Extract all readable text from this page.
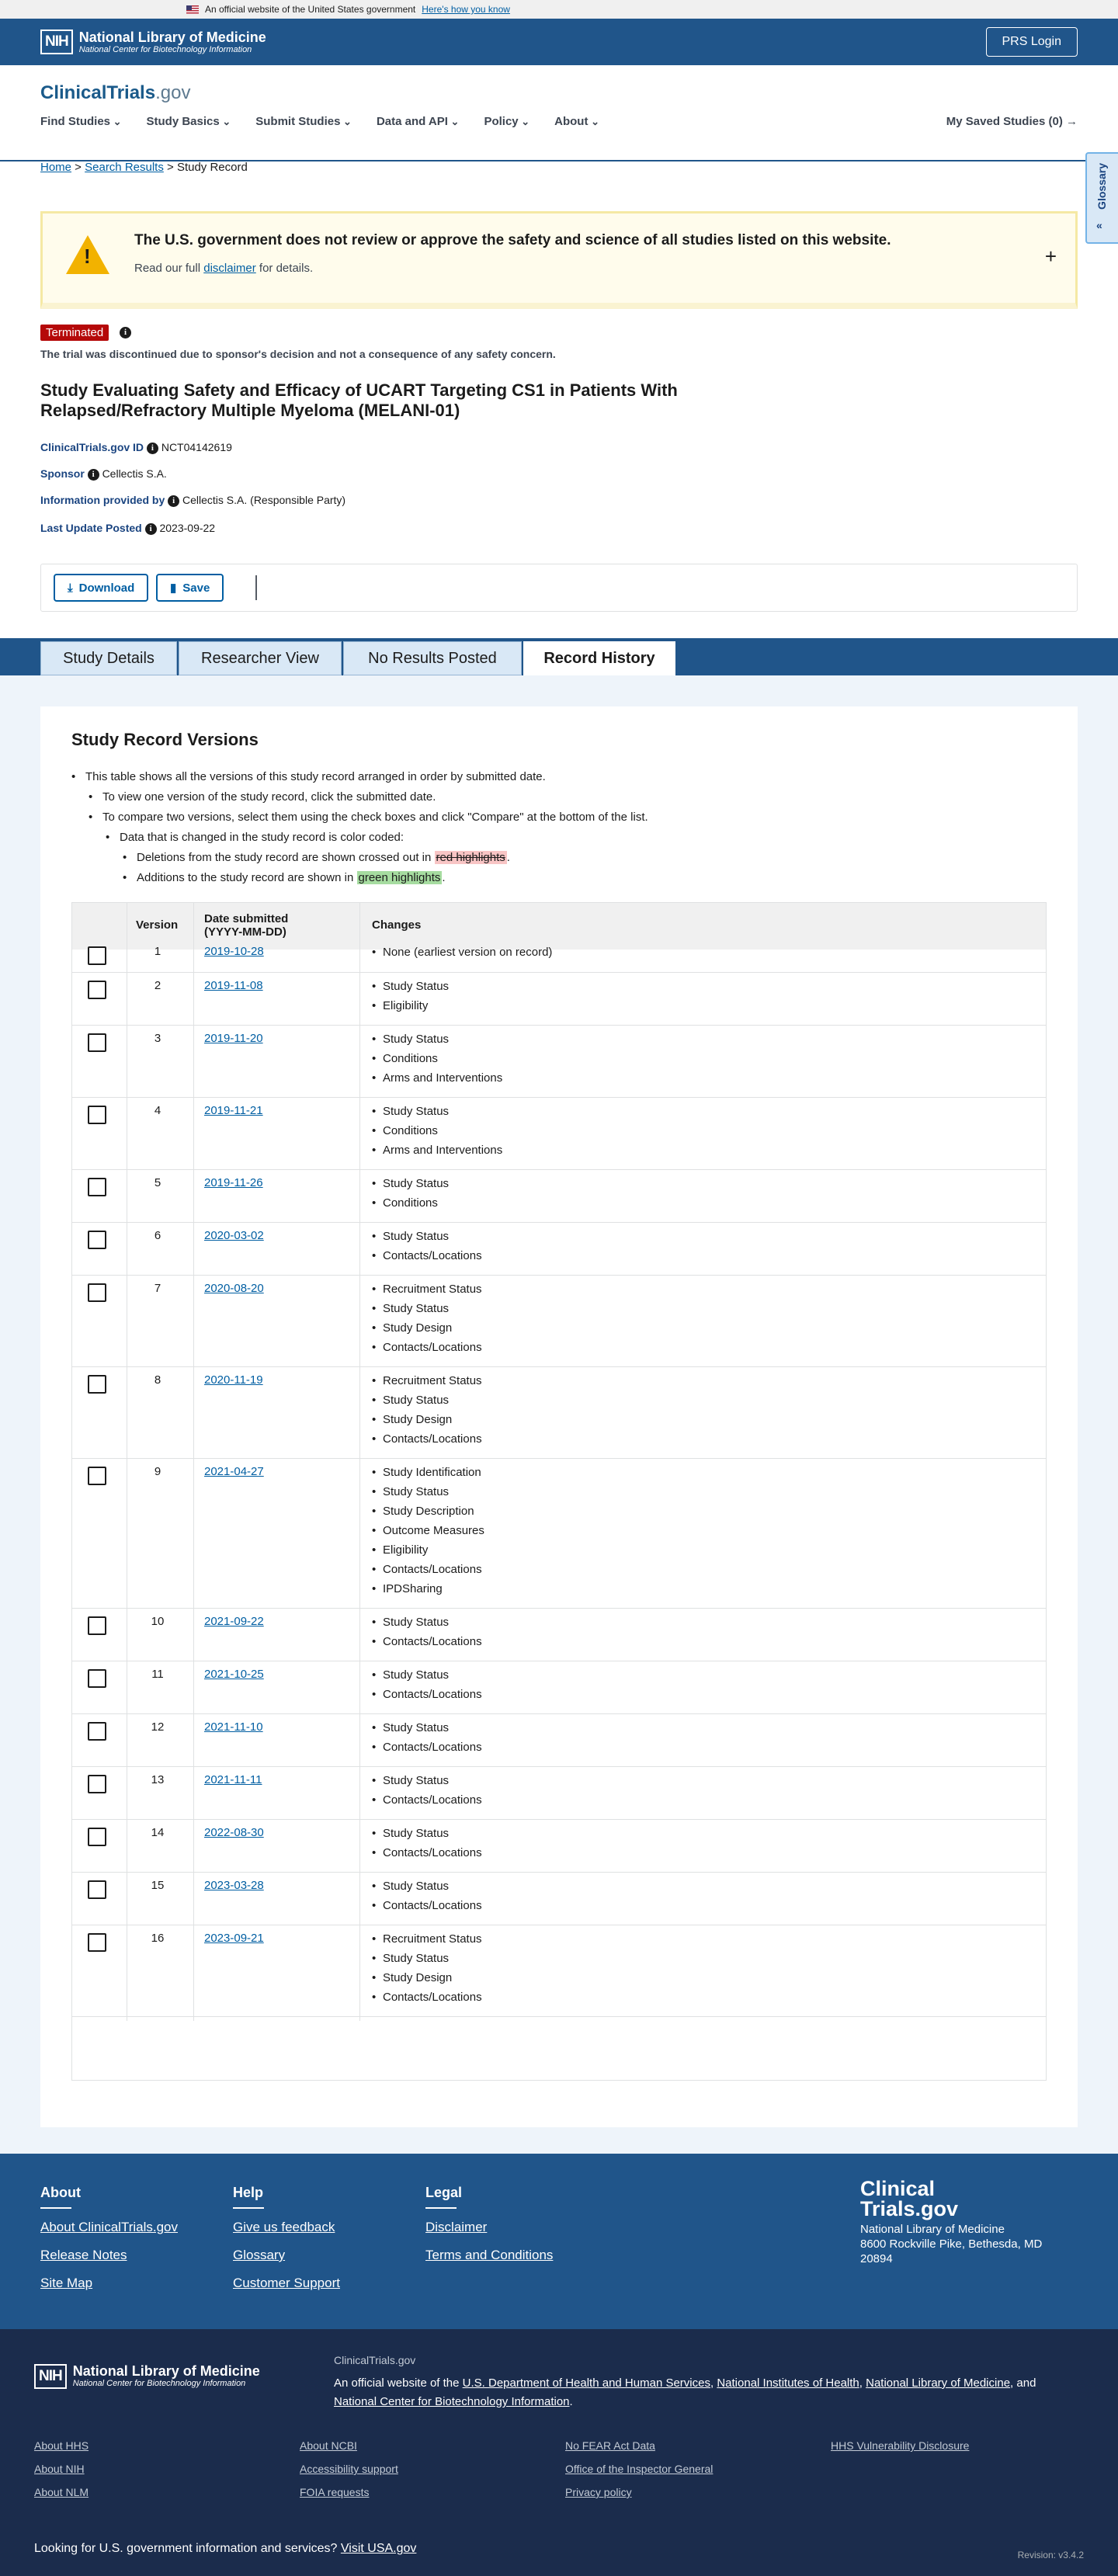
An official website of the United States government Here's how you know
NIH National Library of Medicine
National Center for Biotechnology Information
PRS Login
ClinicalTrials.gov
Find Studies ⌄	Study Basics ⌄	Submit Studies ⌄	Data and API ⌄	Policy ⌄	About ⌄	My Saved Studies (0) →
Home > Search Results > Study Record	Glossary
«
!
The U.S. government does not review or approve the safety and science of all studies listed on this website.
Read our full disclaimer for details.
+
Terminated	i
The trial was discontinued due to sponsor's decision and not a consequence of any safety concern.
Study Evaluating Safety and Efficacy of UCART Targeting CS1 in Patients With Relapsed/Refractory Multiple Myeloma (MELANI-01)
ClinicalTrials.gov ID i NCT04142619
Sponsor i Cellectis S.A.
Information provided by i Cellectis S.A. (Responsible Party)
Last Update Posted i 2023-09-22
⤓ Download	▮ Save
Study Details	Researcher View	No Results Posted	Record History
Study Record Versions
• This table shows all the versions of this study record arranged in order by submitted date.
• To view one version of the study record, click the submitted date.
• To compare two versions, select them using the check boxes and click "Compare" at the bottom of the list.
• Data that is changed in the study record is color coded:
• Deletions from the study record are shown crossed out in red highlights .
• Additions to the study record are shown in green highlights .
Version Date submitted
(YYYY-MM-DD)
Changes
1	2019-10-28	• None (earliest version on record)
2	2019-11-08	• Study Status
• Eligibility
3	2019-11-20	• Study Status
• Conditions
• Arms and Interventions
4	2019-11-21	• Study Status
• Conditions
• Arms and Interventions
5	2019-11-26	• Study Status
• Conditions
6	2020-03-02	• Study Status
• Contacts/Locations
7	2020-08-20	• Recruitment Status
• Study Status
• Study Design
• Contacts/Locations
8	2020-11-19	• Recruitment Status
• Study Status
• Study Design
• Contacts/Locations
9	2021-04-27	• Study Identification
• Study Status
• Study Description
• Outcome Measures
• Eligibility
• Contacts/Locations
• IPDSharing
10	2021-09-22	• Study Status
• Contacts/Locations
11	2021-10-25	• Study Status
• Contacts/Locations
12	2021-11-10	• Study Status
• Contacts/Locations
13	2021-11-11	• Study Status
• Contacts/Locations
14	2022-08-30	• Study Status
• Contacts/Locations
15	2023-03-28	• Study Status
• Contacts/Locations
16	2023-09-21	• Recruitment Status
• Study Status
• Study Design
• Contacts/Locations
About
About ClinicalTrials.gov
Release Notes
Site Map
Help
Give us feedback
Glossary
Customer Support
Legal
Disclaimer
Terms and Conditions
Clinical
Trials.gov
National Library of Medicine
8600 Rockville Pike, Bethesda, MD
20894
NIH National Library of Medicine
National Center for Biotechnology Information
ClinicalTrials.gov
An official website of the U.S. Department of Health and Human Services, National Institutes of Health, National Library of Medicine, and National Center for Biotechnology Information.
About HHS
About NIH
About NLM
About NCBI
Accessibility support
FOIA requests
No FEAR Act Data
Office of the Inspector General
Privacy policy
HHS Vulnerability Disclosure
Looking for U.S. government information and services? Visit USA.gov	Revision: v3.4.2
